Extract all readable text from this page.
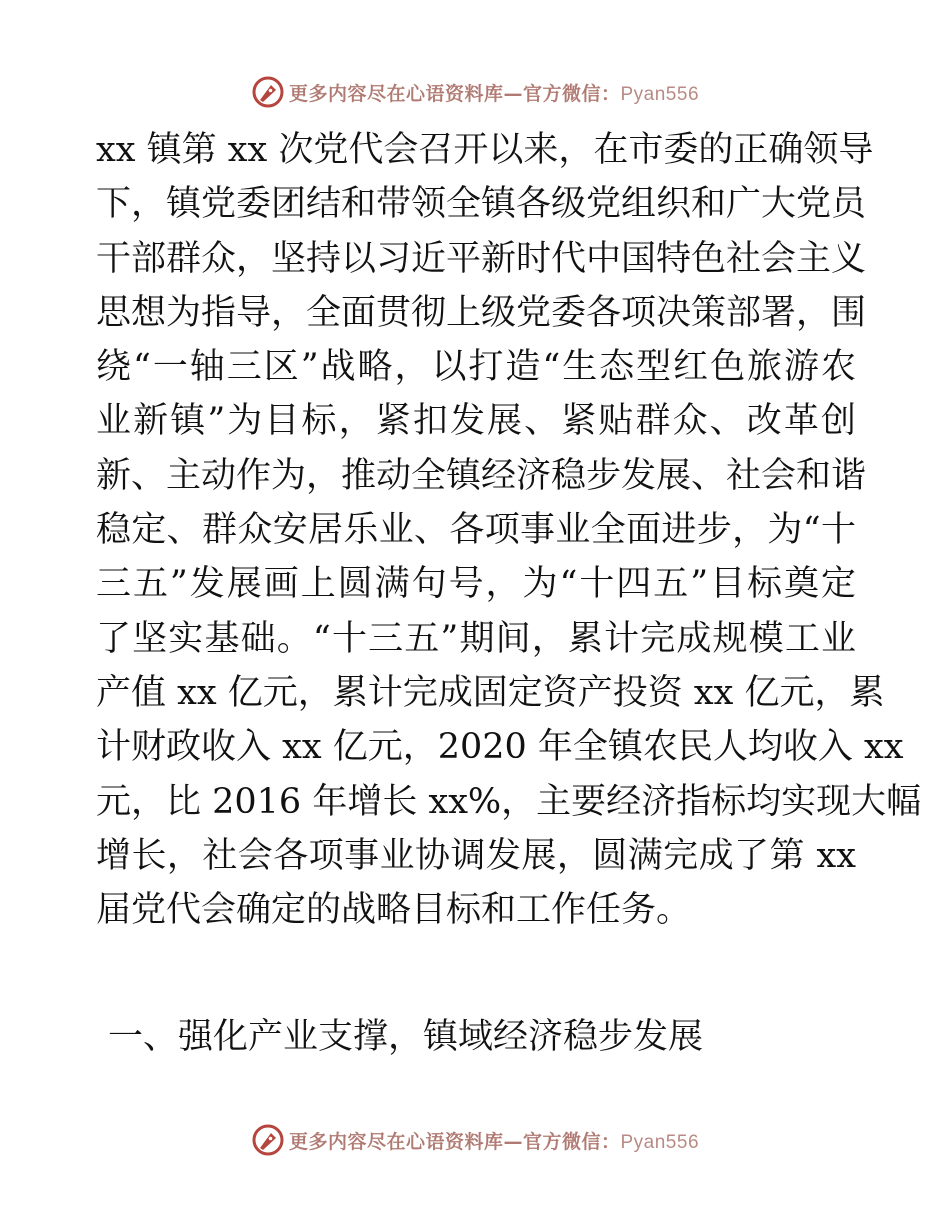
更多内容尽在心语资料库—官方微信：Pyan556
xx 镇第 xx 次党代会召开以来，在市委的正确领导
下，镇党委团结和带领全镇各级党组织和广大党员
干部群众，坚持以习近平新时代中国特色社会主义
思想为指导，全面贯彻上级党委各项决策部署，围
绕“一轴三区”战略，以打造“生态型红色旅游农
业新镇”为目标，紧扣发展、紧贴群众、改革创
新、主动作为，推动全镇经济稳步发展、社会和谐
稳定、群众安居乐业、各项事业全面进步，为“十
三五”发展画上圆满句号，为“十四五”目标奠定
了坚实基础。“十三五”期间，累计完成规模工业
产值 xx 亿元，累计完成固定资产投资 xx 亿元，累
计财政收入 xx 亿元，2020 年全镇农民人均收入 xx
元，比 2016 年增长 xx%，主要经济指标均实现大幅
增长，社会各项事业协调发展，圆满完成了第 xx
届党代会确定的战略目标和工作任务。
一、强化产业支撑，镇域经济稳步发展
更多内容尽在心语资料库—官方微信：Pyan556
